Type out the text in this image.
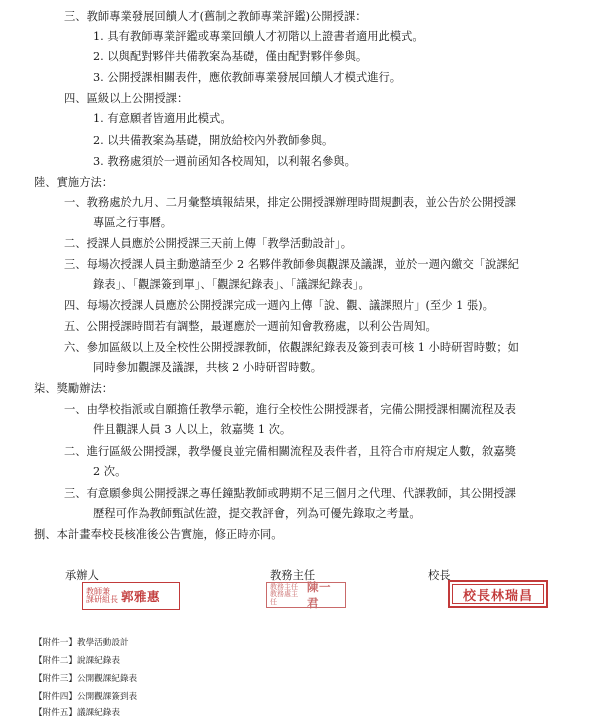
三、教師專業發展回饋人才(舊制之教師專業評鑑)公開授課：
1. 具有教師專業評鑑或專業回饋人才初階以上證書者適用此模式。
2. 以與配對夥伴共備教案為基礎，僅由配對夥伴參與。
3. 公開授課相關表件，應依教師專業發展回饋人才模式進行。
四、區級以上公開授課：
1. 有意願者皆適用此模式。
2. 以共備教案為基礎，開放給校內外教師參與。
3. 教務處須於一週前函知各校周知，以利報名參與。
陸、實施方法：
一、教務處於九月、二月彙整填報結果，排定公開授課辦理時間規劃表，並公告於公開授課
專區之行事曆。
二、授課人員應於公開授課三天前上傳「教學活動設計」。
三、每場次授課人員主動邀請至少 2 名夥伴教師參與觀課及議課，並於一週內繳交「說課紀
錄表」、「觀課簽到單」、「觀課紀錄表」、「議課紀錄表」。
四、每場次授課人員應於公開授課完成一週內上傳「說、觀、議課照片」(至少 1 張)。
五、公開授課時間若有調整，最遲應於一週前知會教務處，以利公告周知。
六、參加區級以上及全校性公開授課教師，依觀課紀錄表及簽到表可核 1 小時研習時數；如
同時參加觀課及議課，共核 2 小時研習時數。
柒、獎勵辦法：
一、由學校指派或自願擔任教學示範，進行全校性公開授課者，完備公開授課相關流程及表
件且觀課人員 3 人以上，敘嘉獎 1 次。
二、進行區級公開授課，教學優良並完備相關流程及表件者，且符合市府規定人數，敘嘉獎
2 次。
三、有意願參與公開授課之專任鐘點教師或聘期不足三個月之代理、代課教師，其公開授課
歷程可作為教師甄試佐證，提交教評會，列為可優先錄取之考量。
捌、本計畫奉校長核准後公告實施，修正時亦同。
承辦人	教務主任	校長
教師兼
課研組長 郭雅惠
教務主任
教務處主任
陳一君	校長林瑞昌
【附件一】教學活動設計
【附件二】說課紀錄表
【附件三】公開觀課紀錄表
【附件四】公開觀課簽到表
【附件五】議課紀錄表
